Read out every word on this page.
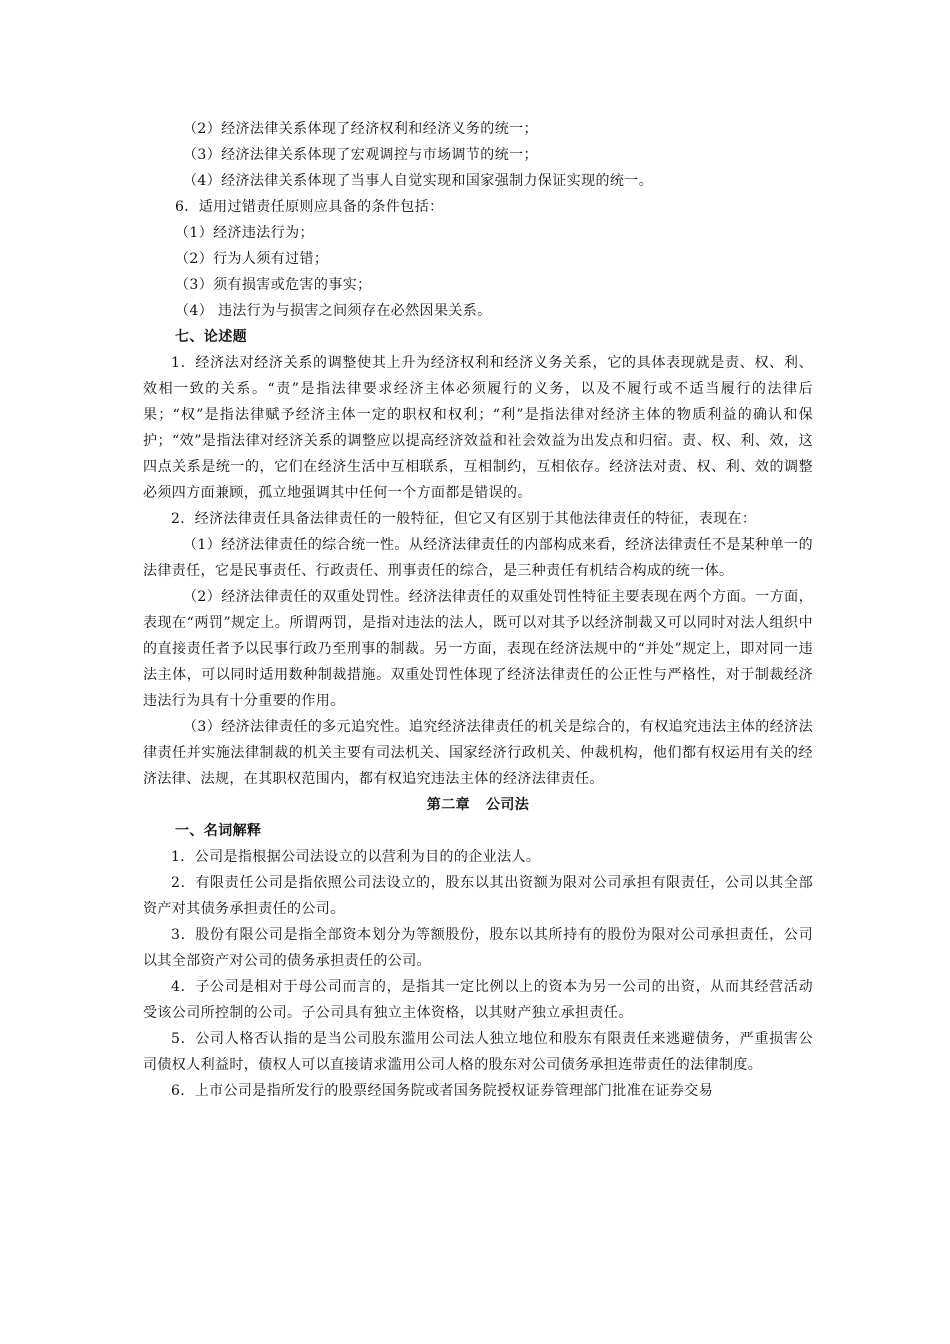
（2）经济法律关系体现了经济权利和经济义务的统一；
（3）经济法律关系体现了宏观调控与市场调节的统一；
（4）经济法律关系体现了当事人自觉实现和国家强制力保证实现的统一。
6．适用过错责任原则应具备的条件包括：
（1）经济违法行为；
（2）行为人须有过错；
（3）须有损害或危害的事实；
（4） 违法行为与损害之间须存在必然因果关系。
七、论述题

1．经济法对经济关系的调整使其上升为经济权利和经济义务关系，它的具体表现就是责、权、利、效相一致的关系。“责”是指法律要求经济主体必须履行的义务，以及不履行或不适当履行的法律后果；“权”是指法律赋予经济主体一定的职权和权利；“利”是指法律对经济主体的物质利益的确认和保护；“效”是指法律对经济关系的调整应以提高经济效益和社会效益为出发点和归宿。责、权、利、效，这四点关系是统一的，它们在经济生活中互相联系，互相制约，互相依存。经济法对责、权、利、效的调整必须四方面兼顾，孤立地强调其中任何一个方面都是错误的。

2．经济法律责任具备法律责任的一般特征，但它又有区别于其他法律责任的特征，表现在：

（1）经济法律责任的综合统一性。从经济法律责任的内部构成来看，经济法律责任不是某种单一的法律责任，它是民事责任、行政责任、刑事责任的综合，是三种责任有机结合构成的统一体。

（2）经济法律责任的双重处罚性。经济法律责任的双重处罚性特征主要表现在两个方面。一方面，表现在“两罚”规定上。所谓两罚，是指对违法的法人，既可以对其予以经济制裁又可以同时对法人组织中的直接责任者予以民事行政乃至刑事的制裁。另一方面，表现在经济法规中的“并处”规定上，即对同一违法主体，可以同时适用数种制裁措施。双重处罚性体现了经济法律责任的公正性与严格性，对于制裁经济违法行为具有十分重要的作用。

（3）经济法律责任的多元追究性。追究经济法律责任的机关是综合的，有权追究违法主体的经济法律责任并实施法律制裁的机关主要有司法机关、国家经济行政机关、仲裁机构，他们都有权运用有关的经济法律、法规，在其职权范围内，都有权追究违法主体的经济法律责任。

第二章 公司法
一、名词解释

1．公司是指根据公司法设立的以营利为目的的企业法人。

2．有限责任公司是指依照公司法设立的，股东以其出资额为限对公司承担有限责任，公司以其全部资产对其债务承担责任的公司。

3．股份有限公司是指全部资本划分为等额股份，股东以其所持有的股份为限对公司承担责任，公司以其全部资产对公司的债务承担责任的公司。

4．子公司是相对于母公司而言的，是指其一定比例以上的资本为另一公司的出资，从而其经营活动受该公司所控制的公司。子公司具有独立主体资格，以其财产独立承担责任。

5．公司人格否认指的是当公司股东滥用公司法人独立地位和股东有限责任来逃避债务，严重损害公司债权人利益时，债权人可以直接请求滥用公司人格的股东对公司债务承担连带责任的法律制度。

6．上市公司是指所发行的股票经国务院或者国务院授权证券管理部门批准在证券交易
